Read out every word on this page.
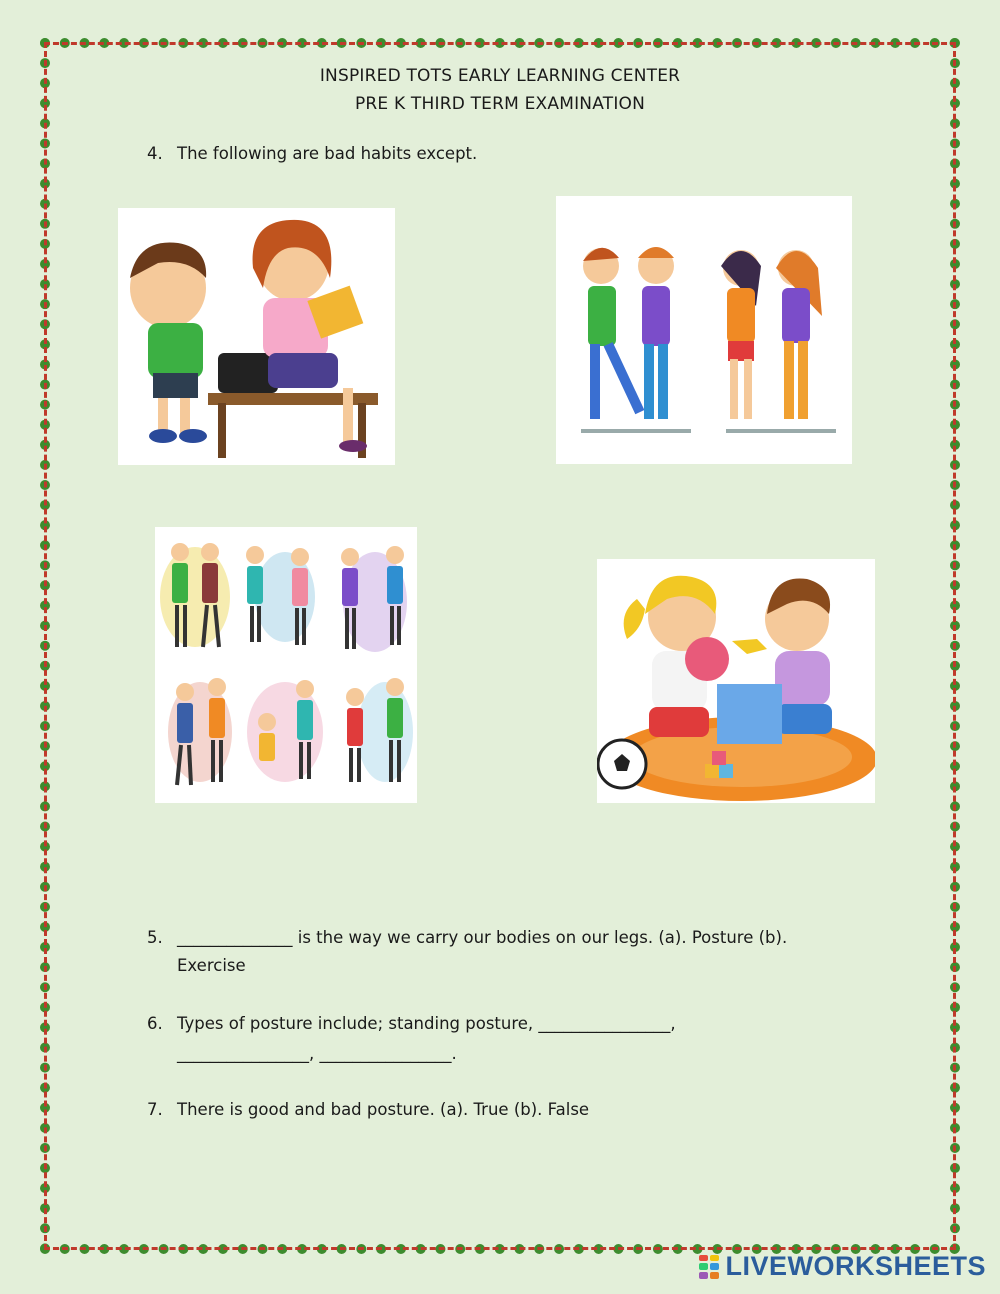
INSPIRED TOTS EARLY LEARNING CENTER
PRE K THIRD TERM EXAMINATION
4. The following are bad habits except.
5. ______________ is the way we carry our bodies on our legs. (a). Posture (b).
Exercise
6. Types of posture include; standing posture, ________________,
________________, ________________.
7. There is good and bad posture. (a). True (b). False
LIVEWORKSHEETS
